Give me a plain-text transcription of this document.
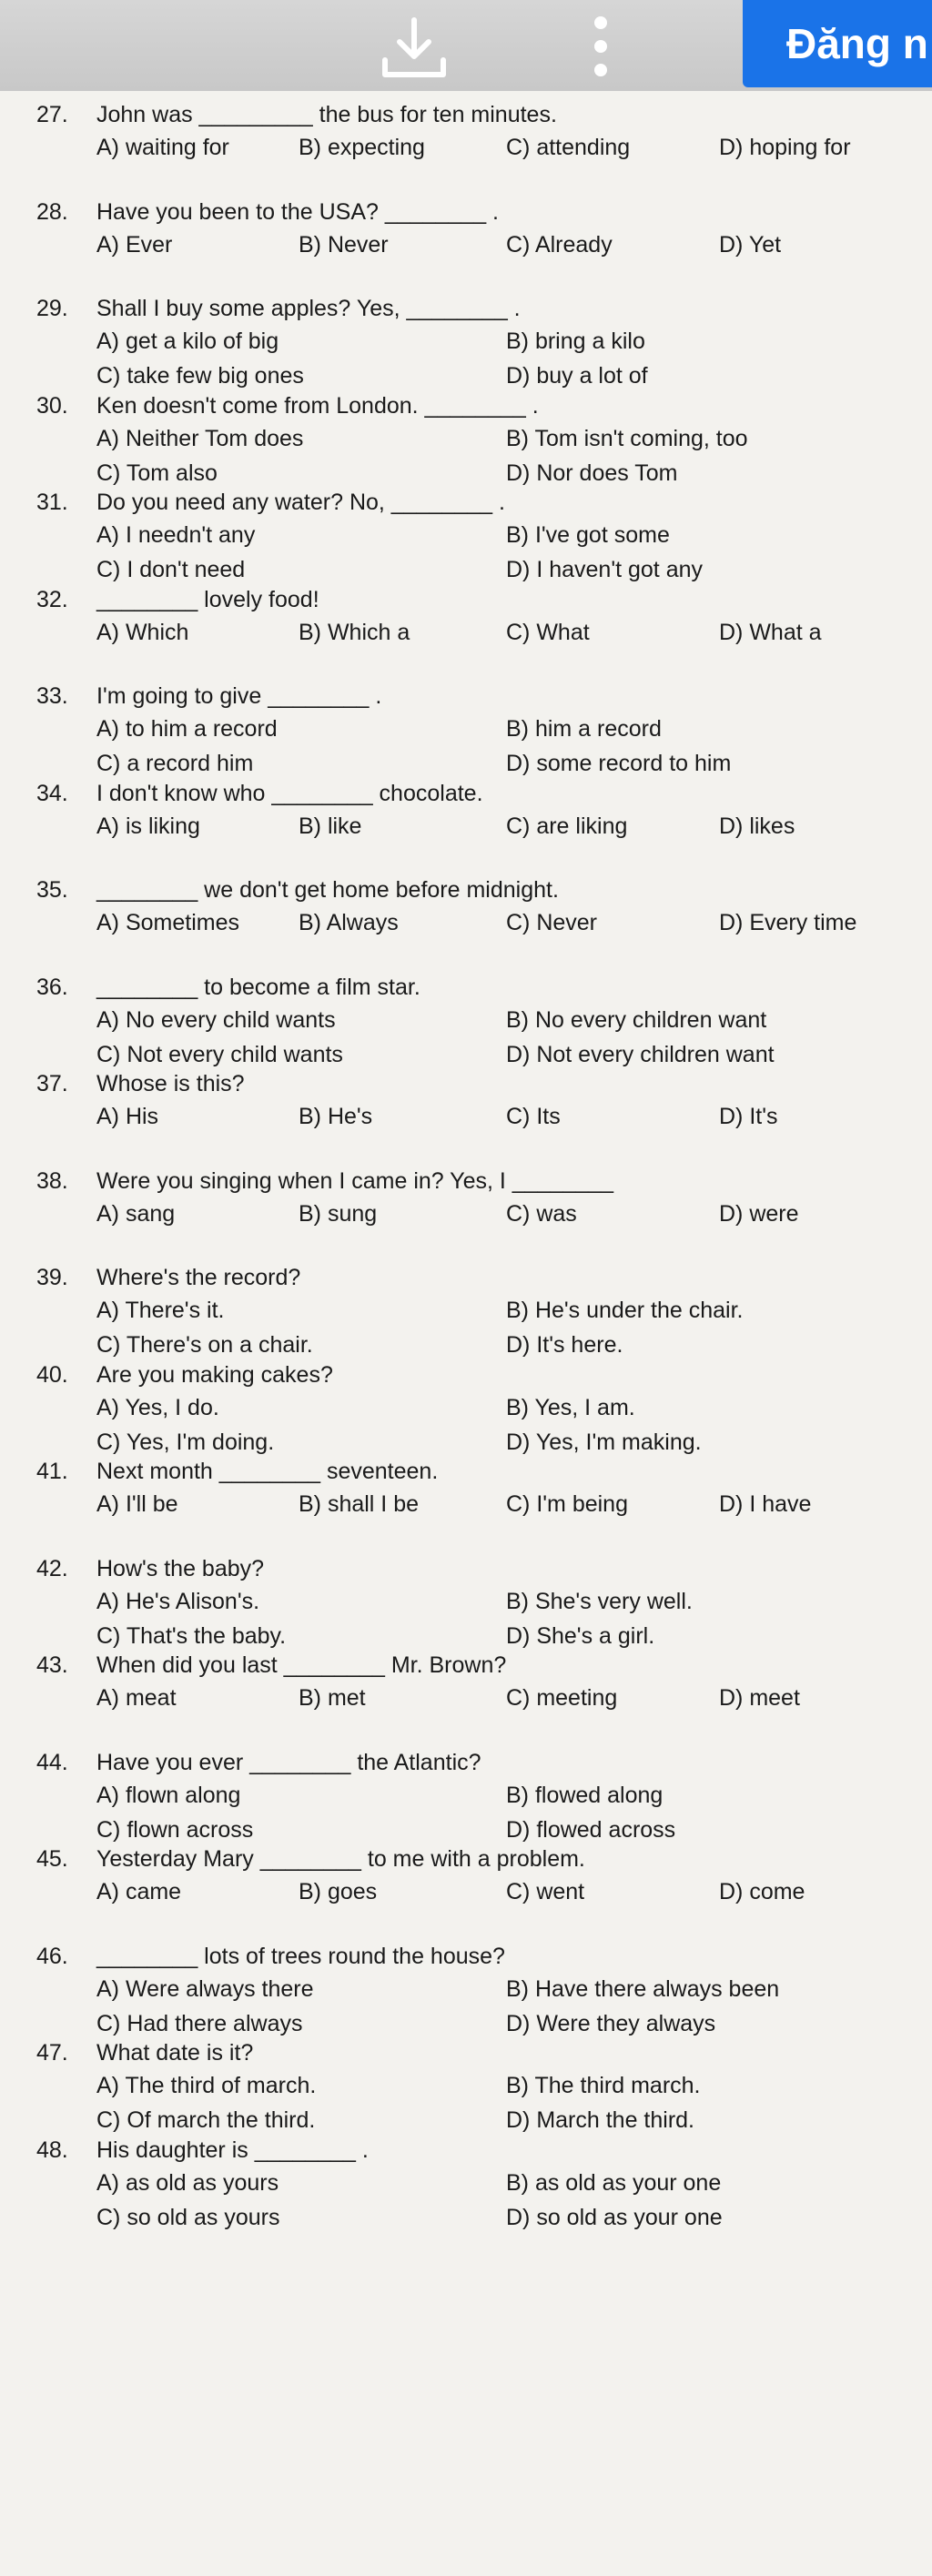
Đăng n
27.	John was _________ the bus for ten minutes.
A) waiting for	B) expecting	C) attending	D) hoping for
28.	Have you been to the USA? ________ .
A) Ever	B) Never	C) Already	D) Yet
29.	Shall I buy some apples? Yes, ________ .
A) get a kilo of big	B) bring a kilo
C) take few big ones	D) buy a lot of
30.	Ken doesn't come from London. ________ .
A) Neither Tom does	B) Tom isn't coming, too
C) Tom also	D) Nor does Tom
31.	Do you need any water? No, ________ .
A) I needn't any	B) I've got some
C) I don't need	D) I haven't got any
32.	________ lovely food!
A) Which	B) Which a	C) What	D) What a
33.	I'm going to give ________ .
A) to him a record	B) him a record
C) a record him	D) some record to him
34.	I don't know who ________ chocolate.
A) is liking	B) like	C) are liking	D) likes
35.	________ we don't get home before midnight.
A) Sometimes	B) Always	C) Never	D) Every time
36.	________ to become a film star.
A) No every child wants	B) No every children want
C) Not every child wants	D) Not every children want
37.	Whose is this?
A) His	B) He's	C) Its	D) It's
38.	Were you singing when I came in? Yes, I ________
A) sang	B) sung	C) was	D) were
39.	Where's the record?
A) There's it.	B) He's under the chair.
C) There's on a chair.	D) It's here.
40.	Are you making cakes?
A) Yes, I do.	B) Yes, I am.
C) Yes, I'm doing.	D) Yes, I'm making.
41.	Next month ________ seventeen.
A) I'll be	B) shall I be	C) I'm being	D) I have
42.	How's the baby?
A) He's Alison's.	B) She's very well.
C) That's the baby.	D) She's a girl.
43.	When did you last ________ Mr. Brown?
A) meat	B) met	C) meeting	D) meet
44.	Have you ever ________ the Atlantic?
A) flown along	B) flowed along
C) flown across	D) flowed across
45.	Yesterday Mary ________ to me with a problem.
A) came	B) goes	C) went	D) come
46.	________ lots of trees round the house?
A) Were always there	B) Have there always been
C) Had there always	D) Were they always
47.	What date is it?
A) The third of march.	B) The third march.
C) Of march the third.	D) March the third.
48.	His daughter is ________ .
A) as old as yours	B) as old as your one
C) so old as yours	D) so old as your one
